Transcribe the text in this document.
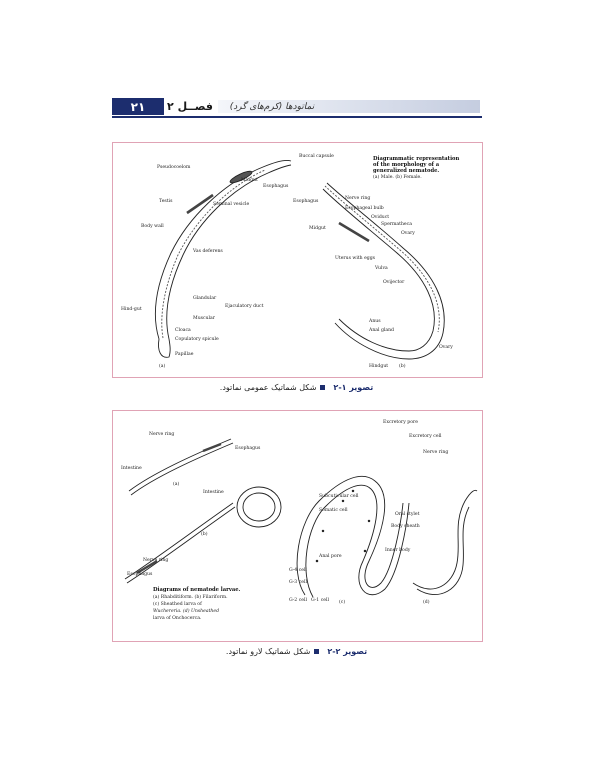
۲۱	فصــل ۲	نماتودها (کرم‌های گرد)
Diagrammatic representation
of the morphology of a
generalized nematode.
(a) Male. (b) Female.
Buccal capsule
Pseudocoelom
Midgut
Esophagus
Testis
Seminal vesicle
Body wall
Vas deferens
Glandular
Ejaculatory duct
Muscular
Hind-gut
Cloaca
Copulatory spicule
Papillae
(a)
Nerve ring
Esophagus
Esophageal bulb
Oviduct
Spermatheca
Midgut
Ovary
Uterus with eggs
Vulva
Ovijector
Anus
Anal gland
Ovary
Hindgut (b)
تصویر ۱-۲
شکل شماتیک عمومی نماتود.
Nerve ring
Esophagus
Intestine
(a)
Intestine
(b)
Nerve ring
Esophagus
Excretory pore
Excretory cell
Nerve ring
Subcuticular cell
Somatic cell
Oral stylet
Body sheath
Anal pore
Inner body
G-4 cell
G-3 cell
G-2 cell G-1 cell (c)	(d)
Diagrams of nematode larvae.
(a) Rhabditiform. (b) Filariform.
(c) Sheathed larva of
Wuchereria. (d) Unsheathed
larva of Onchocerca.
تصویر ۲-۲
شکل شماتیک لارو نماتود.
